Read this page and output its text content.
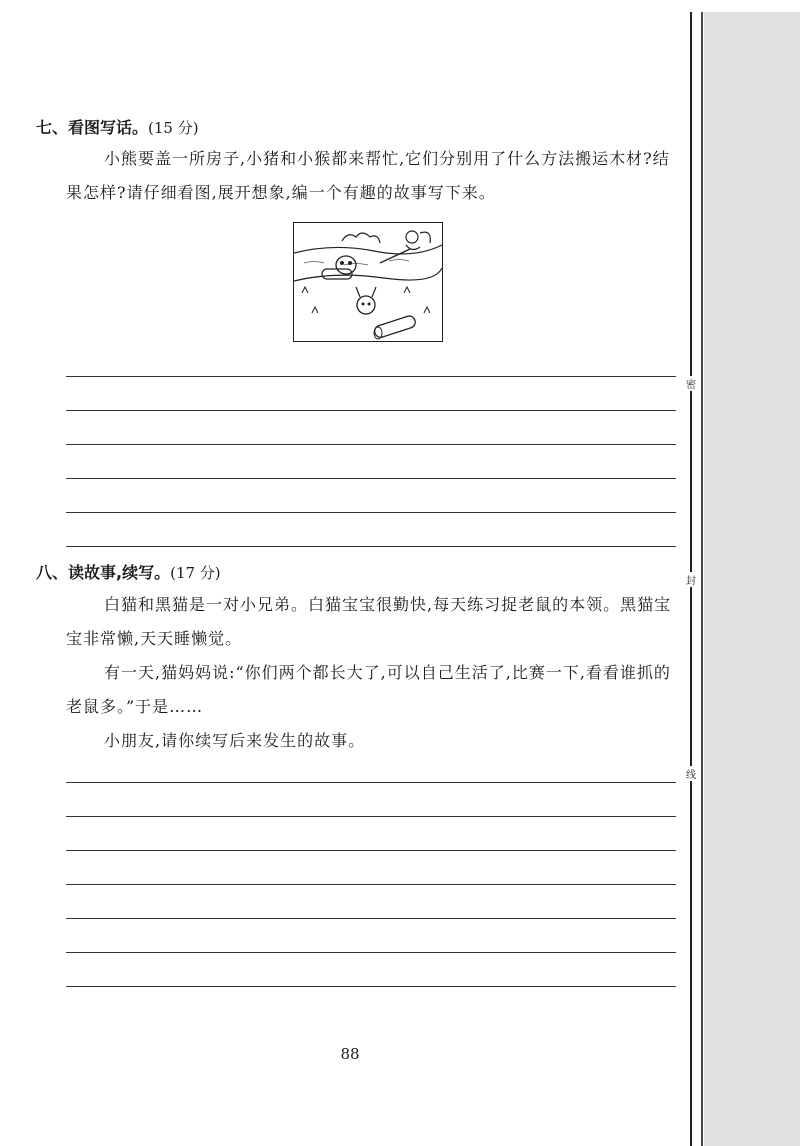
密
封
线
七、看图写话。(15 分)
小熊要盖一所房子,小猪和小猴都来帮忙,它们分别用了什么方法搬运木材?结果怎样?请仔细看图,展开想象,编一个有趣的故事写下来。
八、读故事,续写。(17 分)
白猫和黑猫是一对小兄弟。白猫宝宝很勤快,每天练习捉老鼠的本领。黑猫宝宝非常懒,天天睡懒觉。
有一天,猫妈妈说:“你们两个都长大了,可以自己生活了,比赛一下,看看谁抓的老鼠多。”于是……
小朋友,请你续写后来发生的故事。
88
